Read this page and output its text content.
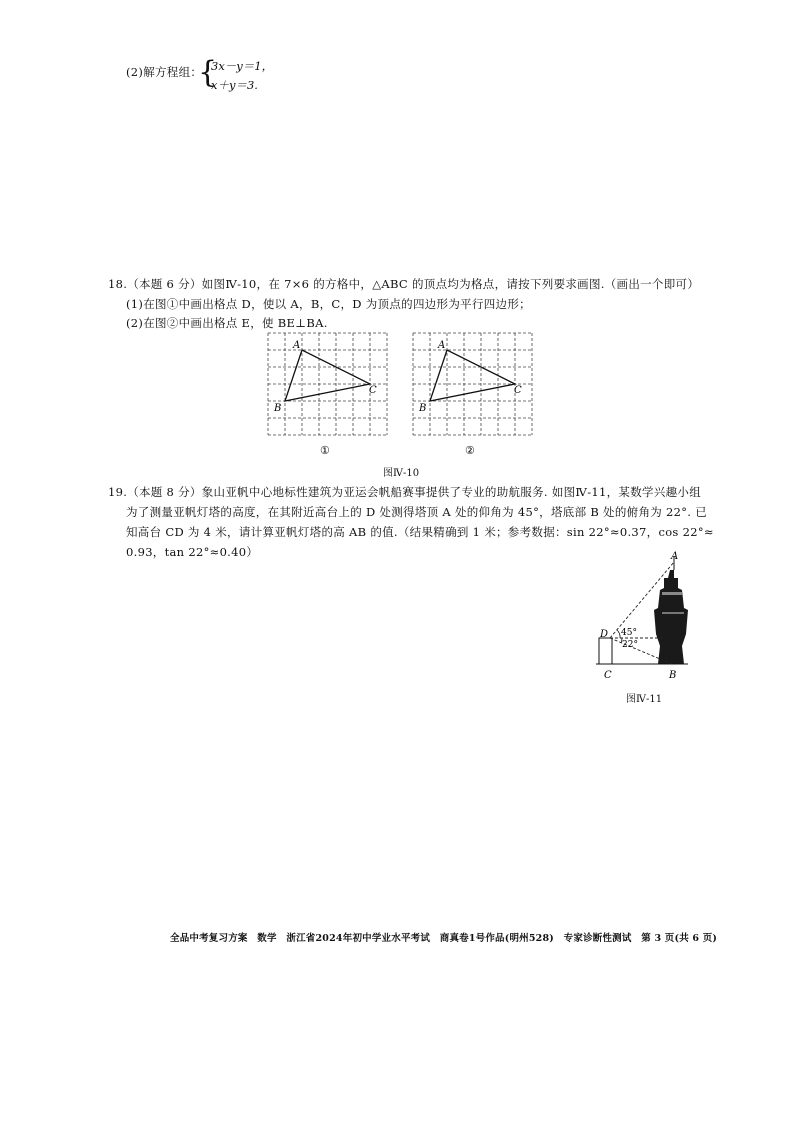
(2)解方程组：
{
3x－y＝1，
x＋y＝3.
18.（本题 6 分）如图Ⅳ-10，在 7×6 的方格中，△ABC 的顶点均为格点，请按下列要求画图.（画出一个即可）
(1)在图①中画出格点 D，使以 A，B，C，D 为顶点的四边形为平行四边形；
(2)在图②中画出格点 E，使 BE⊥BA.
A
B
C
①
A
B
C
②
图Ⅳ-10
19.（本题 8 分）象山亚帆中心地标性建筑为亚运会帆船赛事提供了专业的助航服务. 如图Ⅳ-11，某数学兴趣小组
为了测量亚帆灯塔的高度，在其附近高台上的 D 处测得塔顶 A 处的仰角为 45°，塔底部 B 处的俯角为 22°. 已
知高台 CD 为 4 米，请计算亚帆灯塔的高 AB 的值.（结果精确到 1 米；参考数据：sin 22°≈0.37，cos 22°≈
0.93，tan 22°≈0.40）	A
D 45°
22°
C	B
图Ⅳ-11
全品中考复习方案　数学　浙江省2024年初中学业水平考试　商真卷1号作品(明州528)　专家诊断性测试　第 3 页(共 6 页)
